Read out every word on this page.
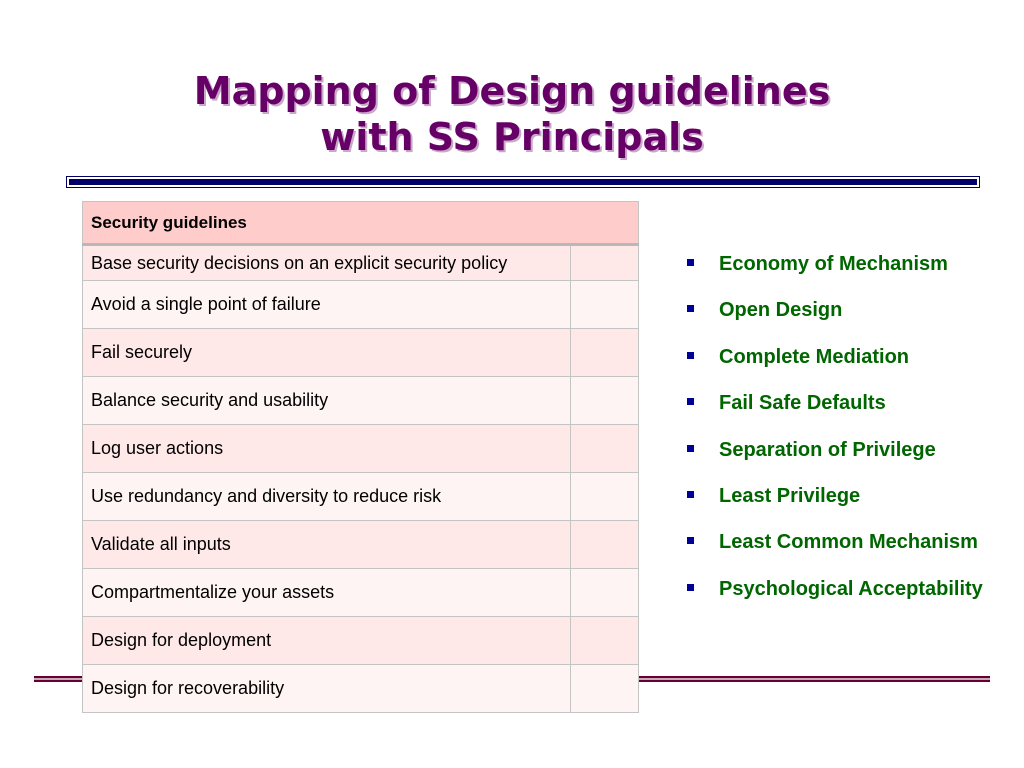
Mapping of Design guidelines
with SS Principals
Security guidelines	
Base security decisions on an explicit security policy	
Avoid a single point of failure	
Fail securely	
Balance security and usability	
Log user actions	
Use redundancy and diversity to reduce risk	
Validate all inputs	
Compartmentalize your assets	
Design for deployment	
Design for recoverability	
Economy of Mechanism
Open Design
Complete Mediation
Fail Safe Defaults
Separation of Privilege
Least Privilege
Least Common Mechanism
Psychological Acceptability
